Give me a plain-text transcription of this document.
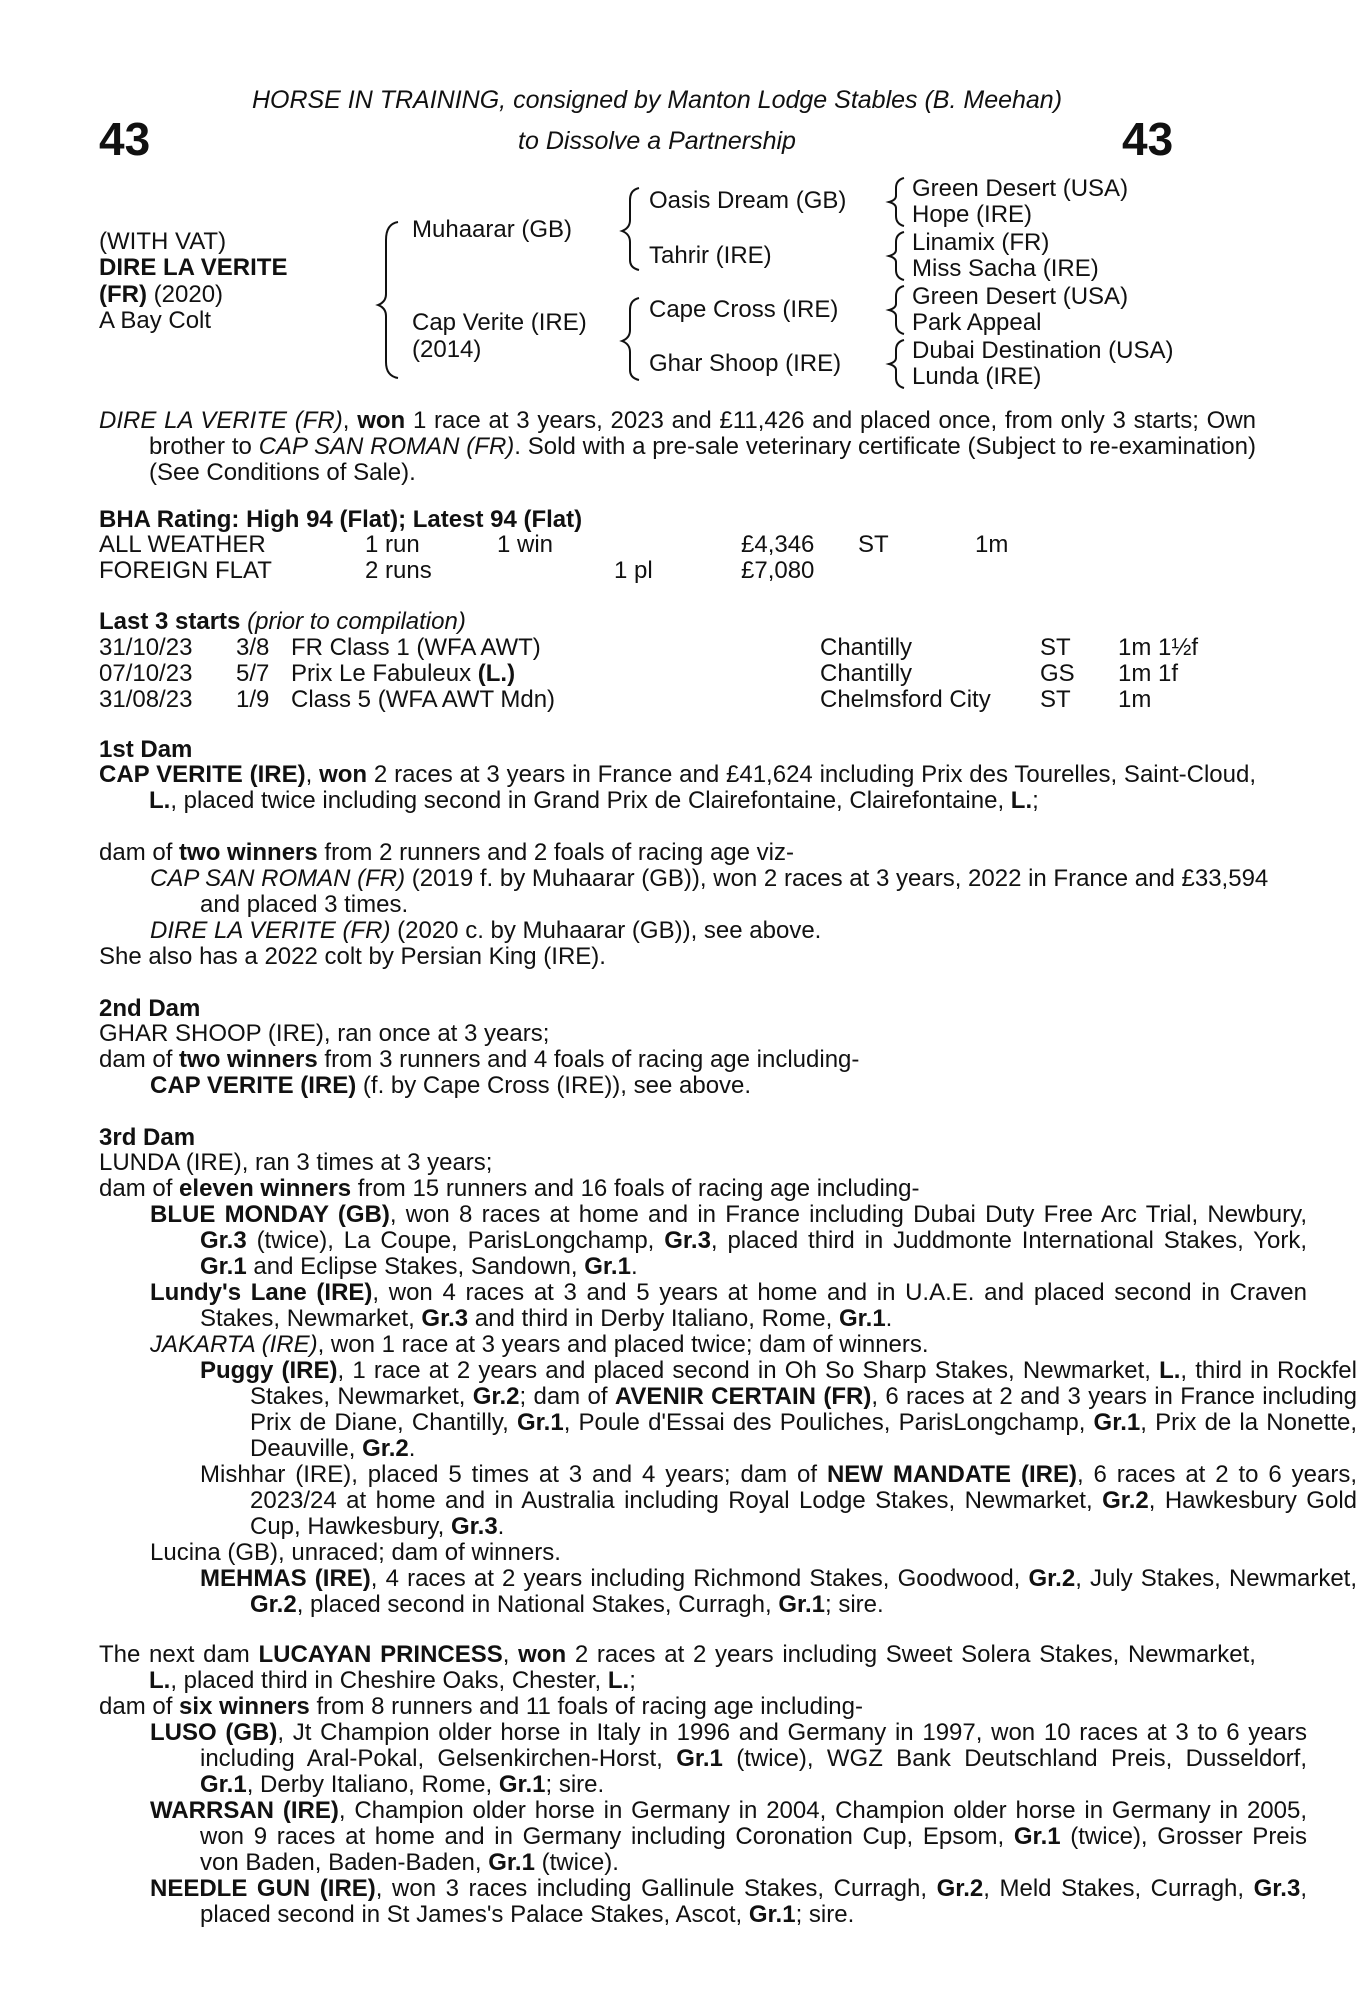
43	43
HORSE IN TRAINING, consigned by Manton Lodge Stables (B. Meehan)
to Dissolve a Partnership
(WITH VAT)
DIRE LA VERITE
(FR) (2020)
A Bay Colt
Muhaarar (GB)
Cap Verite (IRE)
(2014)
Oasis Dream (GB)
Tahrir (IRE)
Cape Cross (IRE)
Ghar Shoop (IRE)
Green Desert (USA)
Hope (IRE)
Linamix (FR)
Miss Sacha (IRE)
Green Desert (USA)
Park Appeal
Dubai Destination (USA)
Lunda (IRE)
DIRE LA VERITE (FR), won 1 race at 3 years, 2023 and £11,426 and placed once, from only 3 starts; Own brother to CAP SAN ROMAN (FR). Sold with a pre-sale veterinary certificate (Subject to re-examination) (See Conditions of Sale).
BHA Rating: High 94 (Flat); Latest 94 (Flat)
ALL WEATHER	1 run	1 win	£4,346 ST	1m
FOREIGN FLAT	2 runs	1 pl	£7,080
Last 3 starts (prior to compilation)
31/10/23 3/8 FR Class 1 (WFA AWT)	Chantilly	ST 1m 1½f
07/10/23 5/7 Prix Le Fabuleux (L.)	Chantilly	GS 1m 1f
31/08/23 1/9 Class 5 (WFA AWT Mdn)	Chelmsford City ST 1m
1st Dam
CAP VERITE (IRE), won 2 races at 3 years in France and £41,624 including Prix des Tourelles, Saint-Cloud, L., placed twice including second in Grand Prix de Clairefontaine, Clairefontaine, L.;
dam of two winners from 2 runners and 2 foals of racing age viz-
CAP SAN ROMAN (FR) (2019 f. by Muhaarar (GB)), won 2 races at 3 years, 2022 in France and £33,594 and placed 3 times.
DIRE LA VERITE (FR) (2020 c. by Muhaarar (GB)), see above.
She also has a 2022 colt by Persian King (IRE).
2nd Dam
GHAR SHOOP (IRE), ran once at 3 years;
dam of two winners from 3 runners and 4 foals of racing age including-
CAP VERITE (IRE) (f. by Cape Cross (IRE)), see above.
3rd Dam
LUNDA (IRE), ran 3 times at 3 years;
dam of eleven winners from 15 runners and 16 foals of racing age including-
BLUE MONDAY (GB), won 8 races at home and in France including Dubai Duty Free Arc Trial, Newbury, Gr.3 (twice), La Coupe, ParisLongchamp, Gr.3, placed third in Juddmonte International Stakes, York, Gr.1 and Eclipse Stakes, Sandown, Gr.1.
Lundy's Lane (IRE), won 4 races at 3 and 5 years at home and in U.A.E. and placed second in Craven Stakes, Newmarket, Gr.3 and third in Derby Italiano, Rome, Gr.1.
JAKARTA (IRE), won 1 race at 3 years and placed twice; dam of winners.
Puggy (IRE), 1 race at 2 years and placed second in Oh So Sharp Stakes, Newmarket, L., third in Rockfel Stakes, Newmarket, Gr.2; dam of AVENIR CERTAIN (FR), 6 races at 2 and 3 years in France including Prix de Diane, Chantilly, Gr.1, Poule d'Essai des Pouliches, ParisLongchamp, Gr.1, Prix de la Nonette, Deauville, Gr.2.
Mishhar (IRE), placed 5 times at 3 and 4 years; dam of NEW MANDATE (IRE), 6 races at 2 to 6 years, 2023/24 at home and in Australia including Royal Lodge Stakes, Newmarket, Gr.2, Hawkesbury Gold Cup, Hawkesbury, Gr.3.
Lucina (GB), unraced; dam of winners.
MEHMAS (IRE), 4 races at 2 years including Richmond Stakes, Goodwood, Gr.2, July Stakes, Newmarket, Gr.2, placed second in National Stakes, Curragh, Gr.1; sire.
The next dam LUCAYAN PRINCESS, won 2 races at 2 years including Sweet Solera Stakes, Newmarket, L., placed third in Cheshire Oaks, Chester, L.;
dam of six winners from 8 runners and 11 foals of racing age including-
LUSO (GB), Jt Champion older horse in Italy in 1996 and Germany in 1997, won 10 races at 3 to 6 years including Aral-Pokal, Gelsenkirchen-Horst, Gr.1 (twice), WGZ Bank Deutschland Preis, Dusseldorf, Gr.1, Derby Italiano, Rome, Gr.1; sire.
WARRSAN (IRE), Champion older horse in Germany in 2004, Champion older horse in Germany in 2005, won 9 races at home and in Germany including Coronation Cup, Epsom, Gr.1 (twice), Grosser Preis von Baden, Baden-Baden, Gr.1 (twice).
NEEDLE GUN (IRE), won 3 races including Gallinule Stakes, Curragh, Gr.2, Meld Stakes, Curragh, Gr.3, placed second in St James's Palace Stakes, Ascot, Gr.1; sire.
